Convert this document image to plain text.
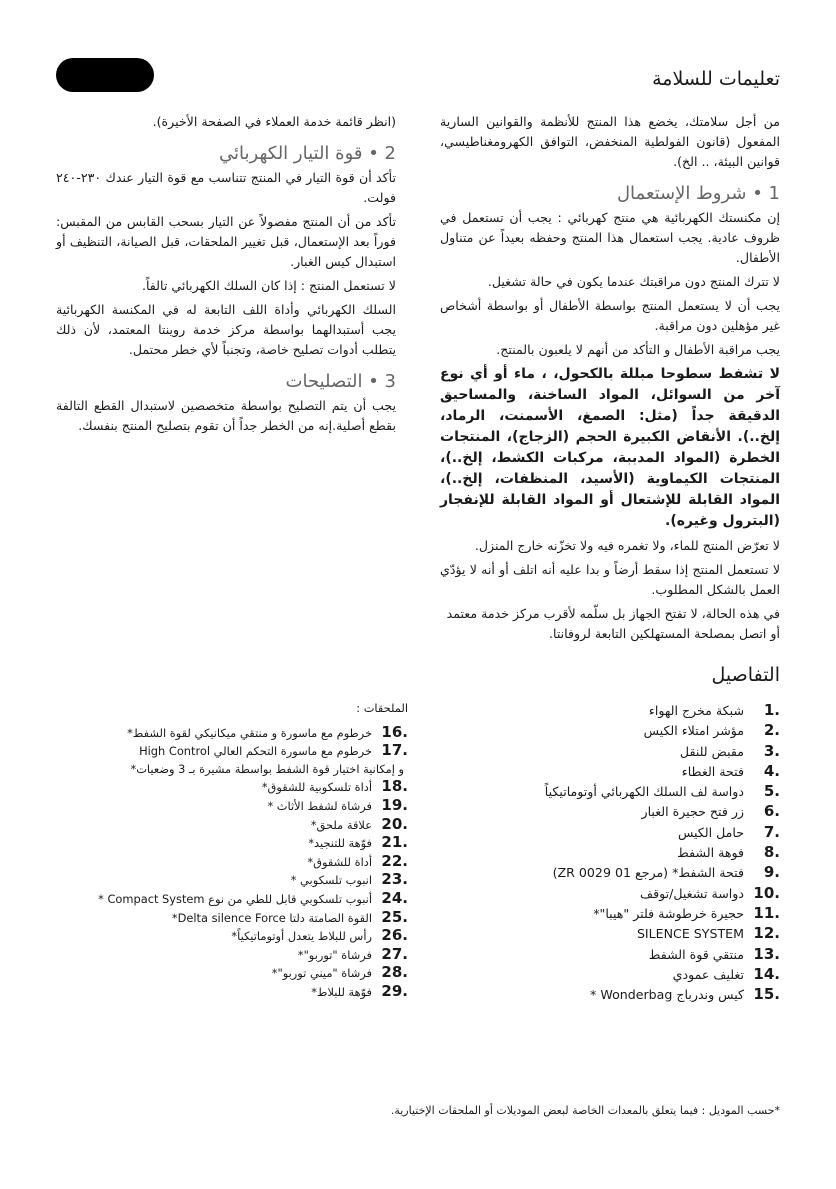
تعليمات للسلامة

من أجل سلامتك، يخضع هذا المنتج للأنظمة والقوانين السارية المفعول (قانون الفولطية المنخفض، التوافق الكهرومغناطيسي، قوانين البيئة، .. الخ).

1 • شروط الإستعمال

إن مكنستك الكهربائية هي منتج كهربائي : يجب أن تستعمل في ظروف عادية. يجب استعمال هذا المنتج وحفظه بعيداً عن متناول الأطفال.

لا تترك المنتج دون مراقبتك عندما يكون في حالة تشغيل.

يجب أن لا يستعمل المنتج بواسطة الأطفال أو بواسطة أشخاص غير مؤهلين دون مراقبة.

يجب مراقبة الأطفال و التأكد من أنهم لا يلعبون بالمنتج.

لا تشفط سطوحا مبللة بالكحول، ، ماء أو أي نوع آخر من السوائل، المواد الساخنة، والمساحيق الدقيقة جداً (مثل: الصمغ، الأسمنت، الرماد، إلخ..). الأنقاض الكبيرة الحجم (الزجاج)، المنتجات الخطرة (المواد المدببة، مركبات الكشط، إلخ..)، المنتجات الكيماوية (الأسيد، المنظفات، إلخ..)، المواد القابلة للإشتعال أو المواد القابلة للإنفجار (البترول وغيره).

لا تعرّض المنتج للماء، ولا تغمره فيه ولا تخزّنه خارج المنزل.

لا تستعمل المنتج إذا سقط أرضاً و بدا عليه أنه اتلف أو أنه لا يؤدّي العمل بالشكل المطلوب.

في هذه الحالة، لا تفتح الجهاز بل سلّمه لأقرب مركز خدمة معتمد أو اتصل بمصلحة المستهلكين التابعة لروفانتا.

(انظر قائمة خدمة العملاء في الصفحة الأخيرة).

2 • قوة التيار الكهربائي

تأكد أن قوة التيار في المنتج تتناسب مع قوة التيار عندك ٢٣٠-٢٤٠ فولت.

تأكد من أن المنتج مفصولاً عن التيار بسحب القابس من المقبس: فوراً بعد الإستعمال، قبل تغيير الملحقات، قبل الصيانة، التنظيف أو استبدال كيس الغبار.

لا تستعمل المنتج : إذا كان السلك الكهربائي تالفاً.

السلك الكهربائي وأداة اللف التابعة له في المكنسة الكهربائية يجب أستبدالهما بواسطة مركز خدمة روينتا المعتمد، لأن ذلك يتطلب أدوات تصليح خاصة، وتجنباً لأي خطر محتمل.

3 • التصليحات

يجب أن يتم التصليح بواسطة متخصصين لاستبدال القطع التالفة بقطع أصلية.إنه من الخطر جداً أن تقوم بتصليح المنتج بنفسك.

التفاصيل
1.شبكة مخرج الهواء
2.مؤشر امتلاء الكيس
3.مقبض للنقل
4.فتحة الغطاء
5.دواسة لف السلك الكهربائي أوتوماتيكياً
6.زر فتح حجيرة الغبار
7.حامل الكيس
8.فوهة الشفط
9.فتحة الشفط* (مرجع ZR 0029 01)
10.دواسة تشغيل/توقف
11.حجيرة خرطوشة فلتر "هيبا"*
12.SILENCE SYSTEM
13.منتقي قوة الشفط
14.تغليف عمودي
15.كيس وندرباج Wonderbag *
الملحقات :
16.خرطوم مع ماسورة و منتقي ميكانيكي لقوة الشفط*
17.خرطوم مع ماسورة التحكم العالي High Control
و إمكانية اختيار قوة الشفط بواسطة مشيرة بـ 3 وضعيات*
18.أداة تلسكوبية للشقوق*
19.فرشاة لشفط الأثاث *
20.علاقة ملحق*
21.فوّهة للتنجيد*
22.أداة للشقوق*
23.انبوب تلسكوبي *
24.أنبوب تلسكوبي قابل للطي من نوع Compact System *
25.القوة الصامتة دلتا Delta silence Force*
26.رأس للبلاط يتعدل أوتوماتيكياً*
27.فرشاة "توربو"*
28.فرشاة "ميني توربو"*
29.فوّهة للبلاط*

*حسب الموديل : فيما يتعلق بالمعدات الخاصة لبعض الموديلات أو الملحقات الإختيارية.
